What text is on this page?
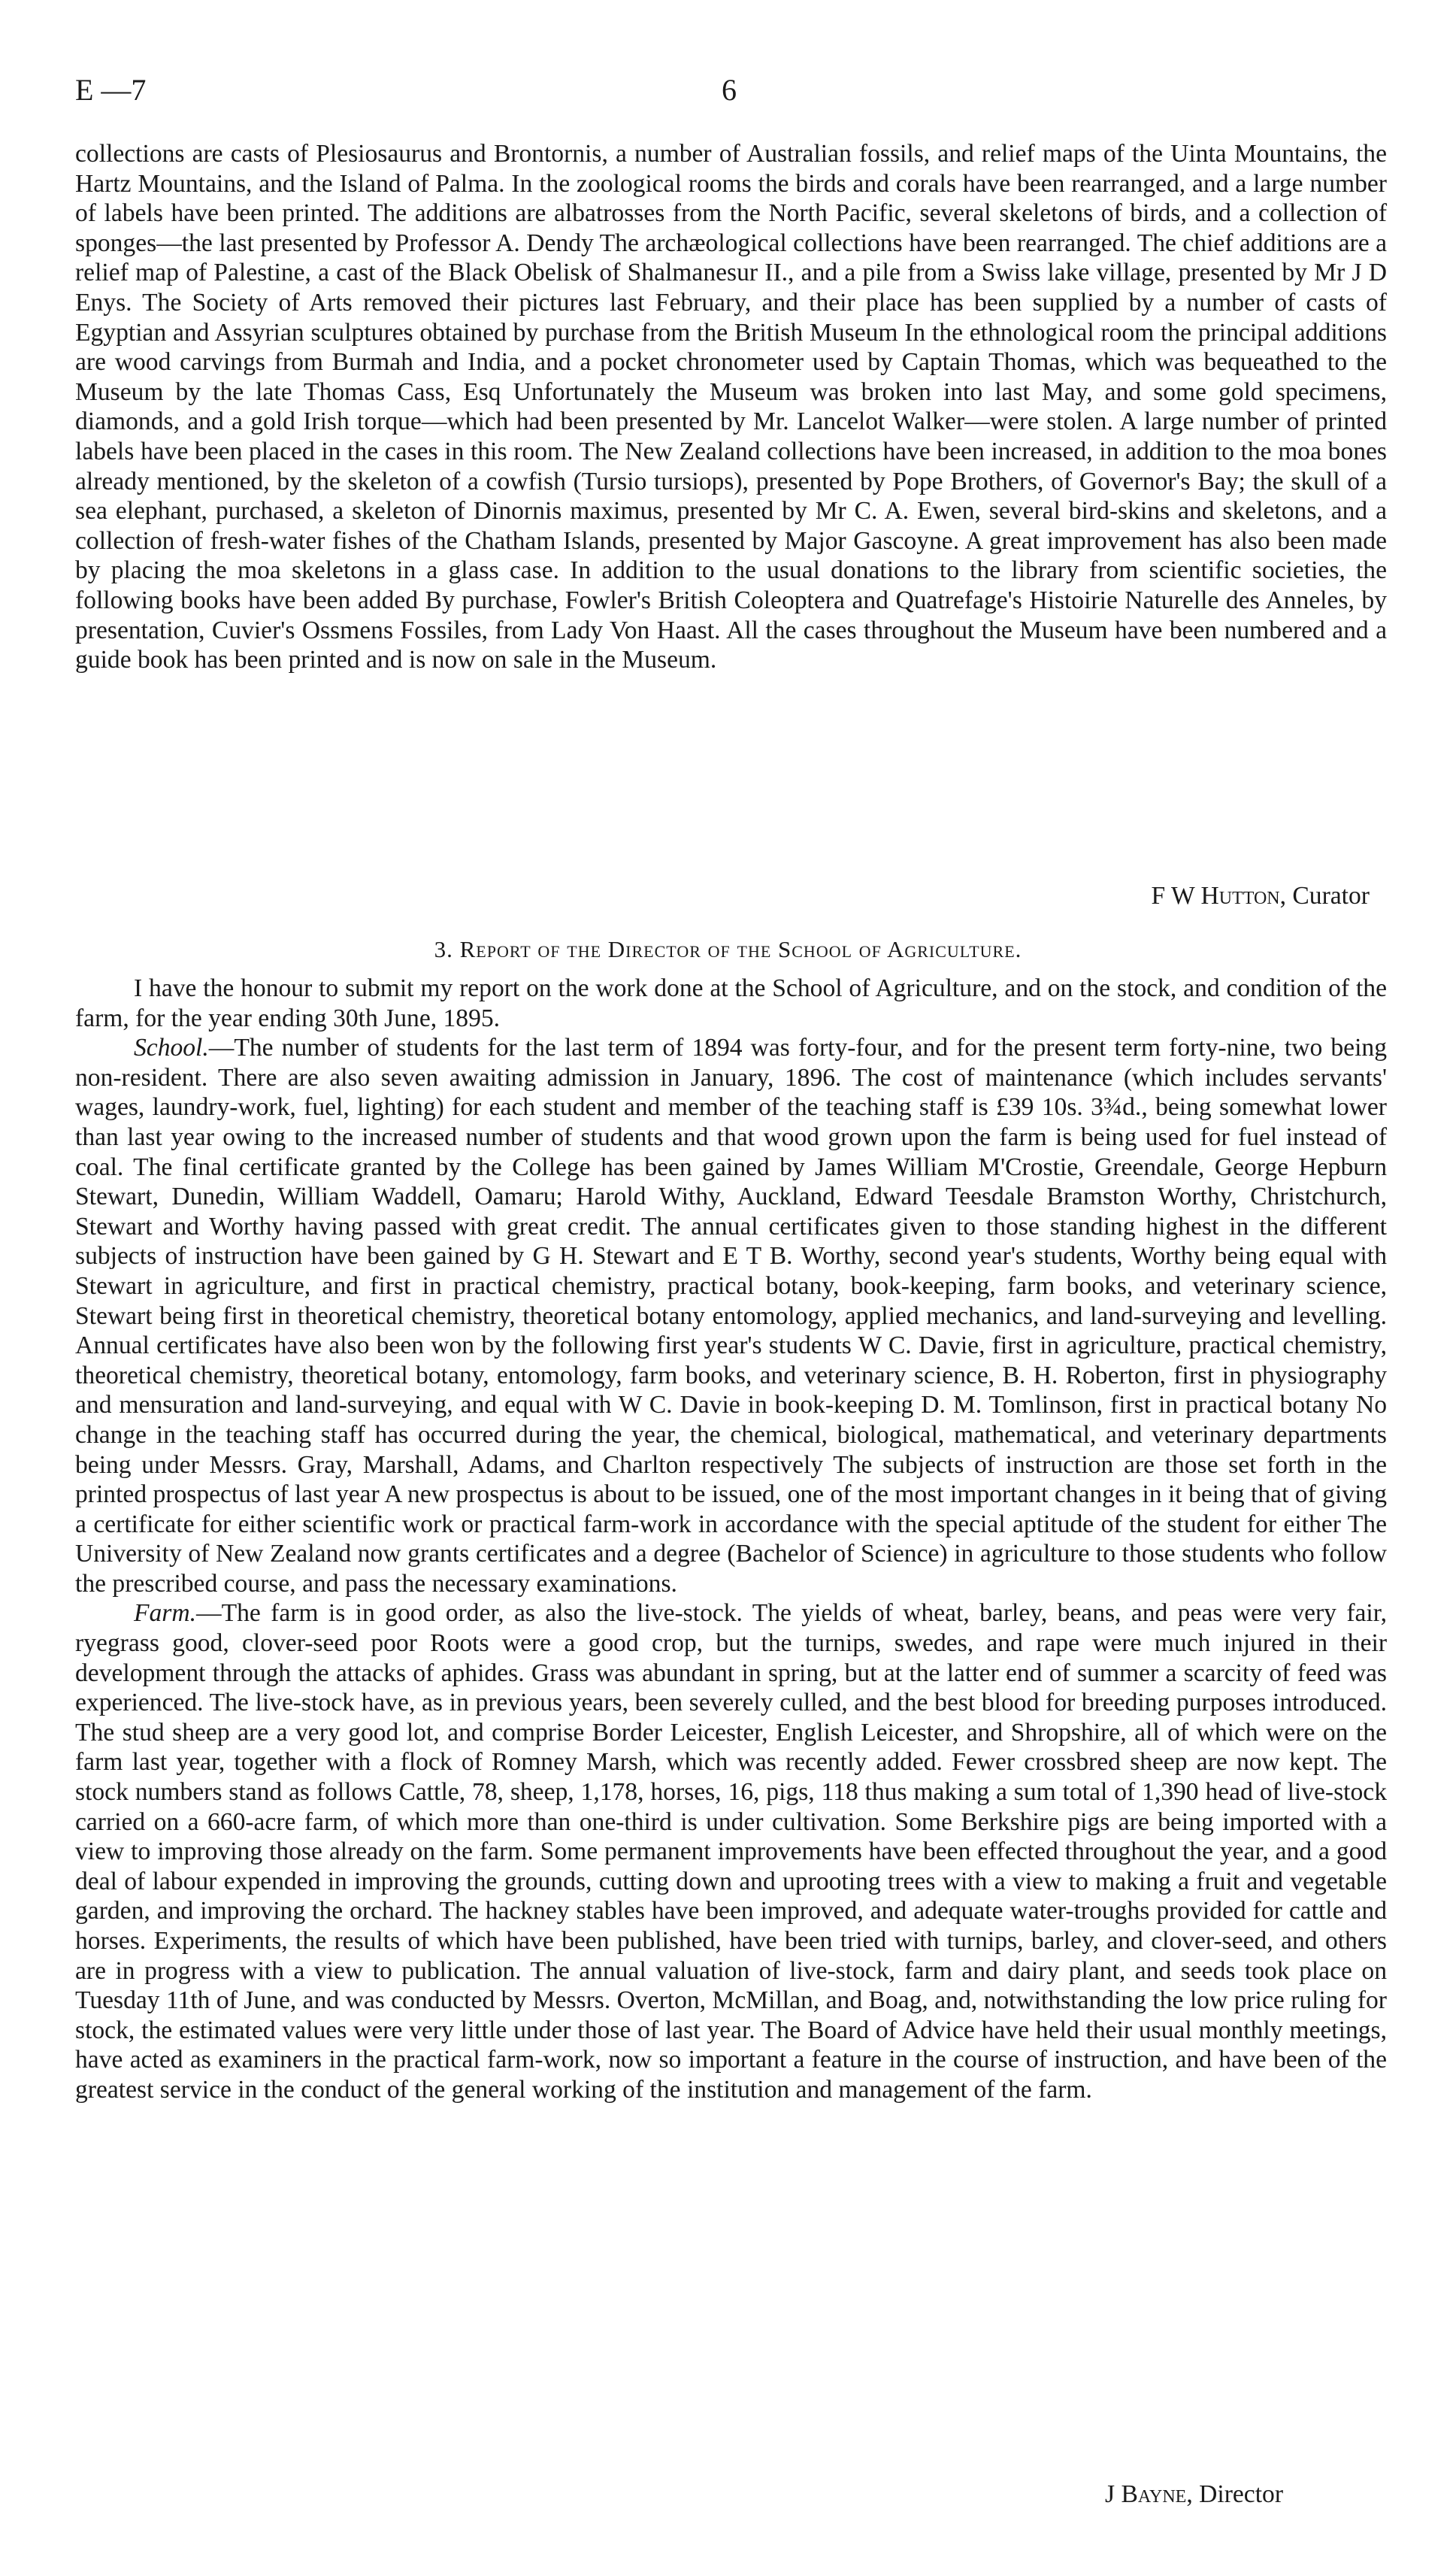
E —7	6

collections are casts of Plesiosaurus and Brontornis, a number of Australian fossils, and relief maps of the Uinta Mountains, the Hartz Mountains, and the Island of Palma. In the zoological rooms the birds and corals have been rearranged, and a large number of labels have been printed. The additions are albatrosses from the North Pacific, several skeletons of birds, and a collection of sponges—the last presented by Professor A. Dendy The archæological collections have been rearranged. The chief additions are a relief map of Palestine, a cast of the Black Obelisk of Shalmanesur II., and a pile from a Swiss lake village, presented by Mr J D Enys. The Society of Arts removed their pictures last February, and their place has been supplied by a number of casts of Egyptian and Assyrian sculptures obtained by purchase from the British Museum In the ethnological room the principal additions are wood carvings from Burmah and India, and a pocket chronometer used by Captain Thomas, which was bequeathed to the Museum by the late Thomas Cass, Esq Unfortunately the Museum was broken into last May, and some gold specimens, diamonds, and a gold Irish torque—which had been presented by Mr. Lancelot Walker—were stolen. A large number of printed labels have been placed in the cases in this room. The New Zealand collections have been increased, in addition to the moa bones already mentioned, by the skeleton of a cowfish (Tursio tursiops), presented by Pope Brothers, of Governor's Bay; the skull of a sea elephant, purchased, a skeleton of Dinornis maximus, presented by Mr C. A. Ewen, several bird-skins and skeletons, and a collection of fresh-water fishes of the Chatham Islands, presented by Major Gascoyne. A great improvement has also been made by placing the moa skeletons in a glass case. In addition to the usual donations to the library from scientific societies, the following books have been added By purchase, Fowler's British Coleoptera and Quatrefage's Histoirie Naturelle des Anneles, by presentation, Cuvier's Ossmens Fossiles, from Lady Von Haast. All the cases throughout the Museum have been numbered and a guide book has been printed and is now on sale in the Museum.

F W Hutton, Curator
3. Report of the Director of the School of Agriculture.

I have the honour to submit my report on the work done at the School of Agriculture, and on the stock, and condition of the farm, for the year ending 30th June, 1895.

School.—The number of students for the last term of 1894 was forty-four, and for the present term forty-nine, two being non-resident. There are also seven awaiting admission in January, 1896. The cost of maintenance (which includes servants' wages, laundry-work, fuel, lighting) for each student and member of the teaching staff is £39 10s. 3¾d., being somewhat lower than last year owing to the increased number of students and that wood grown upon the farm is being used for fuel instead of coal. The final certificate granted by the College has been gained by James William M'Crostie, Greendale, George Hepburn Stewart, Dunedin, William Waddell, Oamaru; Harold Withy, Auckland, Edward Teesdale Bramston Worthy, Christchurch, Stewart and Worthy having passed with great credit. The annual certificates given to those standing highest in the different subjects of instruction have been gained by G H. Stewart and E T B. Worthy, second year's students, Worthy being equal with Stewart in agriculture, and first in practical chemistry, practical botany, book-keeping, farm books, and veterinary science, Stewart being first in theoretical chemistry, theoretical botany entomology, applied mechanics, and land-surveying and levelling. Annual certificates have also been won by the following first year's students W C. Davie, first in agriculture, practical chemistry, theoretical chemistry, theoretical botany, entomology, farm books, and veterinary science, B. H. Roberton, first in physiography and mensuration and land-surveying, and equal with W C. Davie in book-keeping D. M. Tomlinson, first in practical botany No change in the teaching staff has occurred during the year, the chemical, biological, mathematical, and veterinary departments being under Messrs. Gray, Marshall, Adams, and Charlton respectively The subjects of instruction are those set forth in the printed prospectus of last year A new prospectus is about to be issued, one of the most important changes in it being that of giving a certificate for either scientific work or practical farm-work in accordance with the special aptitude of the student for either The University of New Zealand now grants certificates and a degree (Bachelor of Science) in agriculture to those students who follow the prescribed course, and pass the necessary examinations.

Farm.—The farm is in good order, as also the live-stock. The yields of wheat, barley, beans, and peas were very fair, ryegrass good, clover-seed poor Roots were a good crop, but the turnips, swedes, and rape were much injured in their development through the attacks of aphides. Grass was abundant in spring, but at the latter end of summer a scarcity of feed was experienced. The live-stock have, as in previous years, been severely culled, and the best blood for breeding purposes introduced. The stud sheep are a very good lot, and comprise Border Leicester, English Leicester, and Shropshire, all of which were on the farm last year, together with a flock of Romney Marsh, which was recently added. Fewer crossbred sheep are now kept. The stock numbers stand as follows Cattle, 78, sheep, 1,178, horses, 16, pigs, 118 thus making a sum total of 1,390 head of live-stock carried on a 660-acre farm, of which more than one-third is under cultivation. Some Berkshire pigs are being imported with a view to improving those already on the farm. Some permanent improvements have been effected throughout the year, and a good deal of labour expended in improving the grounds, cutting down and uprooting trees with a view to making a fruit and vegetable garden, and improving the orchard. The hackney stables have been improved, and adequate water-troughs provided for cattle and horses. Experiments, the results of which have been published, have been tried with turnips, barley, and clover-seed, and others are in progress with a view to publication. The annual valuation of live-stock, farm and dairy plant, and seeds took place on Tuesday 11th of June, and was conducted by Messrs. Overton, McMillan, and Boag, and, notwithstanding the low price ruling for stock, the estimated values were very little under those of last year. The Board of Advice have held their usual monthly meetings, have acted as examiners in the practical farm-work, now so important a feature in the course of instruction, and have been of the greatest service in the conduct of the general working of the institution and management of the farm.

J Bayne, Director
